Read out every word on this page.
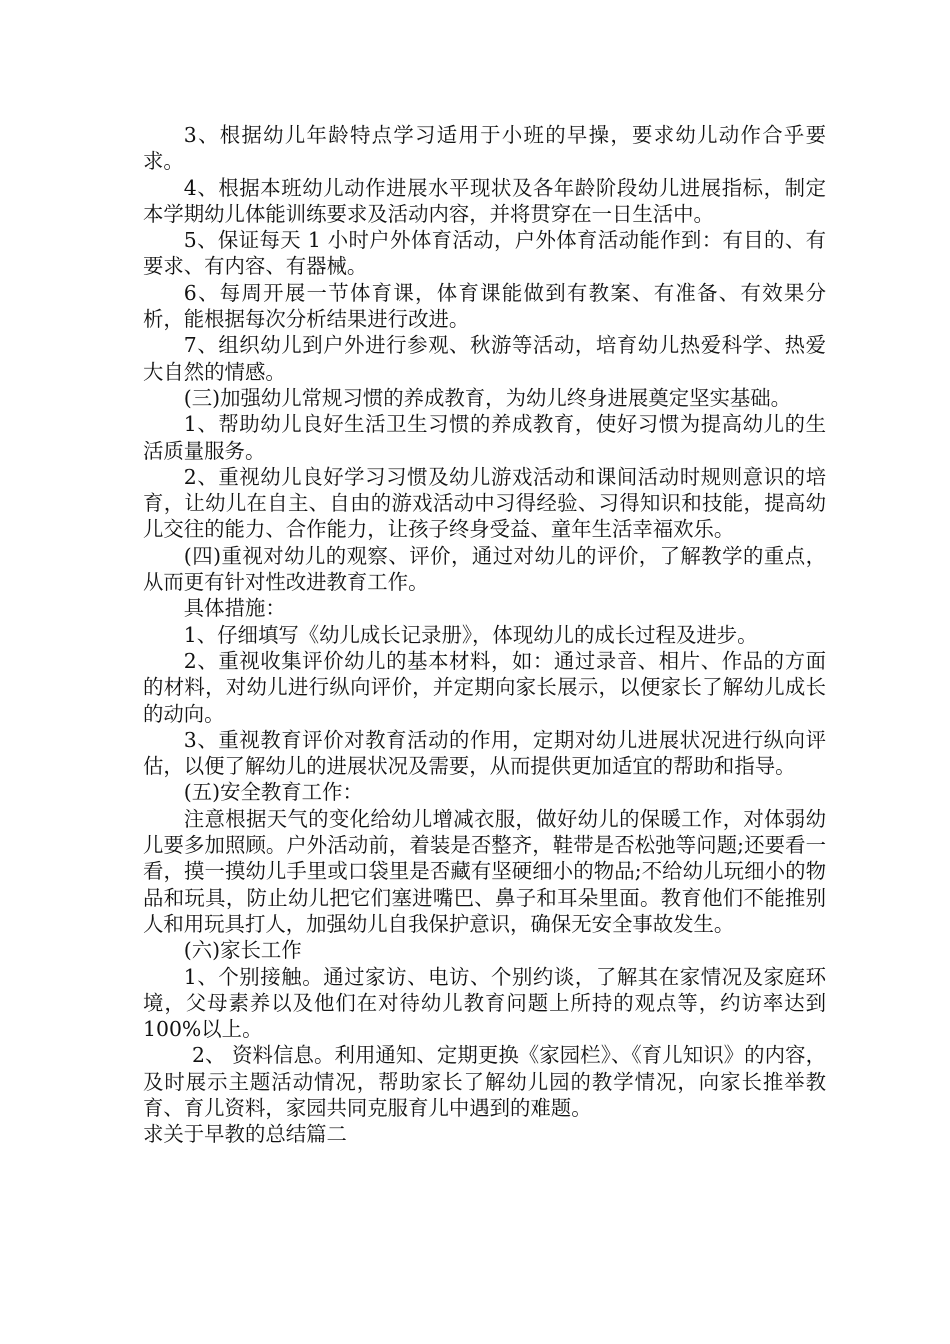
3、根据幼儿年龄特点学习适用于小班的早操，要求幼儿动作合乎要求。

4、根据本班幼儿动作进展水平现状及各年龄阶段幼儿进展指标，制定本学期幼儿体能训练要求及活动内容，并将贯穿在一日生活中。

5、保证每天 1 小时户外体育活动，户外体育活动能作到：有目的、有要求、有内容、有器械。

6、每周开展一节体育课，体育课能做到有教案、有准备、有效果分析，能根据每次分析结果进行改进。

7、组织幼儿到户外进行参观、秋游等活动，培育幼儿热爱科学、热爱大自然的情感。

(三)加强幼儿常规习惯的养成教育，为幼儿终身进展奠定坚实基础。

1、帮助幼儿良好生活卫生习惯的养成教育，使好习惯为提高幼儿的生活质量服务。

2、重视幼儿良好学习习惯及幼儿游戏活动和课间活动时规则意识的培育，让幼儿在自主、自由的游戏活动中习得经验、习得知识和技能，提高幼儿交往的能力、合作能力，让孩子终身受益、童年生活幸福欢乐。

(四)重视对幼儿的观察、评价，通过对幼儿的评价，了解教学的重点，从而更有针对性改进教育工作。

具体措施：

1、仔细填写《幼儿成长记录册》，体现幼儿的成长过程及进步。

2、重视收集评价幼儿的基本材料，如：通过录音、相片、作品的方面的材料，对幼儿进行纵向评价，并定期向家长展示，以便家长了解幼儿成长的动向。

3、重视教育评价对教育活动的作用，定期对幼儿进展状况进行纵向评估，以便了解幼儿的进展状况及需要，从而提供更加适宜的帮助和指导。

(五)安全教育工作：

注意根据天气的变化给幼儿增减衣服，做好幼儿的保暖工作，对体弱幼儿要多加照顾。户外活动前，着装是否整齐，鞋带是否松弛等问题;还要看一看，摸一摸幼儿手里或口袋里是否藏有坚硬细小的物品;不给幼儿玩细小的物品和玩具，防止幼儿把它们塞进嘴巴、鼻子和耳朵里面。教育他们不能推别人和用玩具打人，加强幼儿自我保护意识，确保无安全事故发生。

(六)家长工作

1、个别接触。通过家访、电访、个别约谈，了解其在家情况及家庭环境，父母素养以及他们在对待幼儿教育问题上所持的观点等，约访率达到100%以上。

2、 资料信息。利用通知、定期更换《家园栏》、《育儿知识》的内容，及时展示主题活动情况，帮助家长了解幼儿园的教学情况，向家长推举教育、育儿资料，家园共同克服育儿中遇到的难题。

求关于早教的总结篇二
